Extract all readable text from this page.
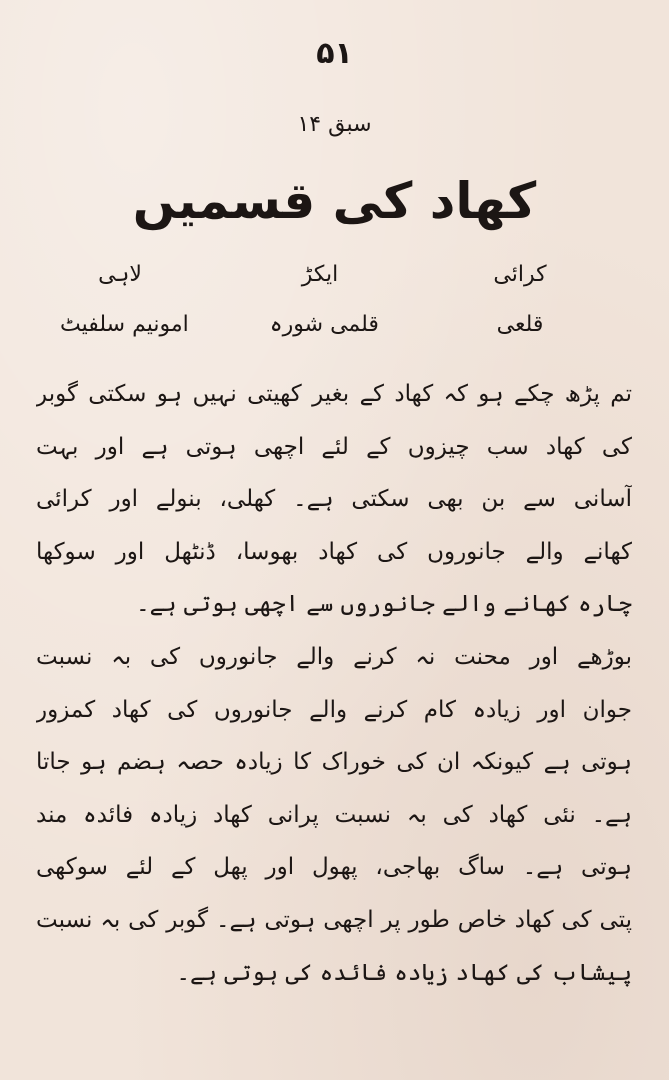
۵۱
سبق ۱۴
کھاد کی قسمیں
کرائی
ایکڑ
لاہی
قلعی
قلمی شورہ
امونیم سلفیٹ
تم پڑھ چکے ہو کہ کھاد کے بغیر کھیتی نہیں ہو سکتی گوبر
کی کھاد سب چیزوں کے لئے اچھی ہوتی ہے اور بہت
آسانی سے بن بھی سکتی ہے۔ کھلی، بنولے اور کرائی
کھانے والے جانوروں کی کھاد بھوسا، ڈنٹھل اور سوکھا
چارہ کھانے والے جانوروں سے اچھی ہوتی ہے۔
بوڑھے اور محنت نہ کرنے والے جانوروں کی بہ نسبت
جوان اور زیادہ کام کرنے والے جانوروں کی کھاد کمزور
ہوتی ہے کیونکہ ان کی خوراک کا زیادہ حصہ ہضم ہو جاتا
ہے۔ نئی کھاد کی بہ نسبت پرانی کھاد زیادہ فائدہ مند
ہوتی ہے۔ ساگ بھاجی، پھول اور پھل کے لئے سوکھی
پتی کی کھاد خاص طور پر اچھی ہوتی ہے۔ گوبر کی بہ نسبت
پیشاب کی کھاد زیادہ فائدہ کی ہوتی ہے۔
